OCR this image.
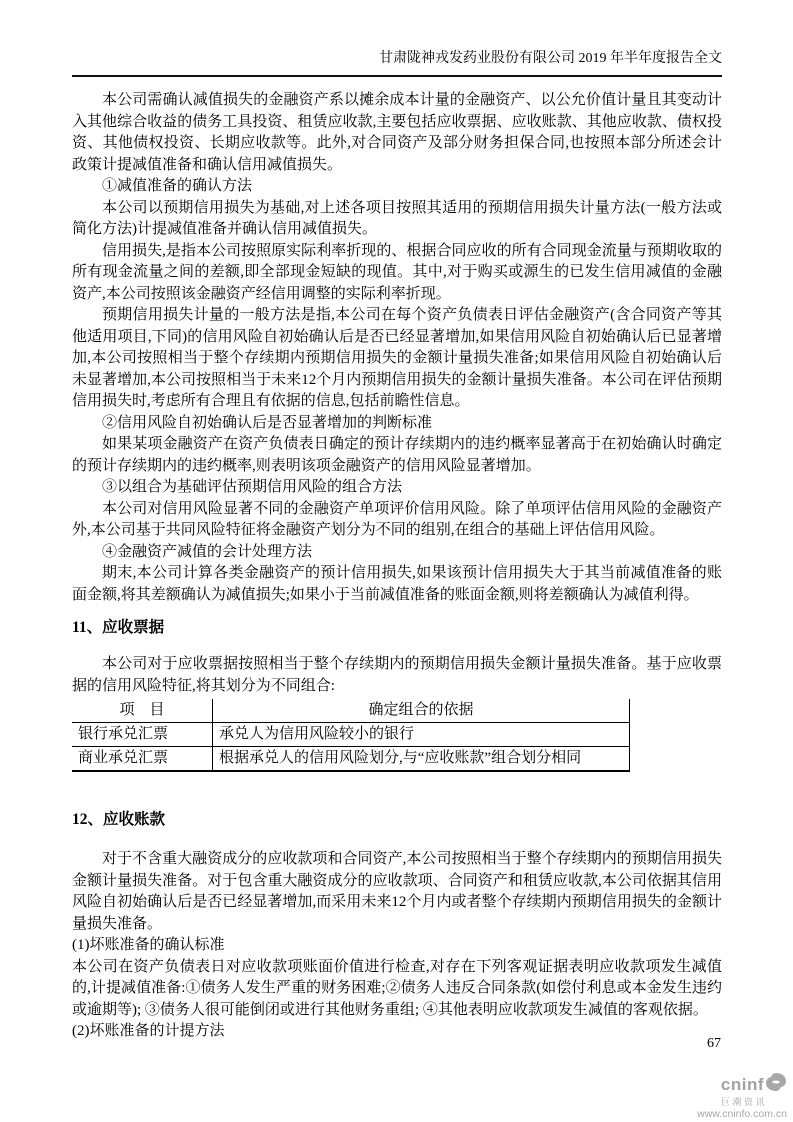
甘肃陇神戎发药业股份有限公司 2019 年半年度报告全文

本公司需确认减值损失的金融资产系以摊余成本计量的金融资产、以公允价值计量且其变动计入其他综合收益的债务工具投资、租赁应收款,主要包括应收票据、应收账款、其他应收款、债权投资、其他债权投资、长期应收款等。此外,对合同资产及部分财务担保合同,也按照本部分所述会计政策计提减值准备和确认信用减值损失。

①减值准备的确认方法

本公司以预期信用损失为基础,对上述各项目按照其适用的预期信用损失计量方法(一般方法或简化方法)计提减值准备并确认信用减值损失。

信用损失,是指本公司按照原实际利率折现的、根据合同应收的所有合同现金流量与预期收取的所有现金流量之间的差额,即全部现金短缺的现值。其中,对于购买或源生的已发生信用减值的金融资产,本公司按照该金融资产经信用调整的实际利率折现。

预期信用损失计量的一般方法是指,本公司在每个资产负债表日评估金融资产(含合同资产等其他适用项目,下同)的信用风险自初始确认后是否已经显著增加,如果信用风险自初始确认后已显著增加,本公司按照相当于整个存续期内预期信用损失的金额计量损失准备;如果信用风险自初始确认后未显著增加,本公司按照相当于未来12个月内预期信用损失的金额计量损失准备。本公司在评估预期信用损失时,考虑所有合理且有依据的信息,包括前瞻性信息。

②信用风险自初始确认后是否显著增加的判断标准

如果某项金融资产在资产负债表日确定的预计存续期内的违约概率显著高于在初始确认时确定的预计存续期内的违约概率,则表明该项金融资产的信用风险显著增加。

③以组合为基础评估预期信用风险的组合方法

本公司对信用风险显著不同的金融资产单项评价信用风险。除了单项评估信用风险的金融资产外,本公司基于共同风险特征将金融资产划分为不同的组别,在组合的基础上评估信用风险。

④金融资产减值的会计处理方法

期末,本公司计算各类金融资产的预计信用损失,如果该预计信用损失大于其当前减值准备的账面金额,将其差额确认为减值损失;如果小于当前减值准备的账面金额,则将差额确认为减值利得。

11、应收票据

本公司对于应收票据按照相当于整个存续期内的预期信用损失金额计量损失准备。基于应收票据的信用风险特征,将其划分为不同组合:

项　目	确定组合的依据
银行承兑汇票	承兑人为信用风险较小的银行
商业承兑汇票	根据承兑人的信用风险划分,与“应收账款”组合划分相同
12、应收账款

对于不含重大融资成分的应收款项和合同资产,本公司按照相当于整个存续期内的预期信用损失金额计量损失准备。对于包含重大融资成分的应收款项、合同资产和租赁应收款,本公司依据其信用风险自初始确认后是否已经显著增加,而采用未来12个月内或者整个存续期内预期信用损失的金额计量损失准备。

(1)坏账准备的确认标准

本公司在资产负债表日对应收款项账面价值进行检查,对存在下列客观证据表明应收款项发生减值的,计提减值准备:①债务人发生严重的财务困难;②债务人违反合同条款(如偿付利息或本金发生违约或逾期等); ③债务人很可能倒闭或进行其他财务重组; ④其他表明应收款项发生减值的客观依据。

(2)坏账准备的计提方法

67
cninf
巨潮资讯
www.cninfo.com.cn
